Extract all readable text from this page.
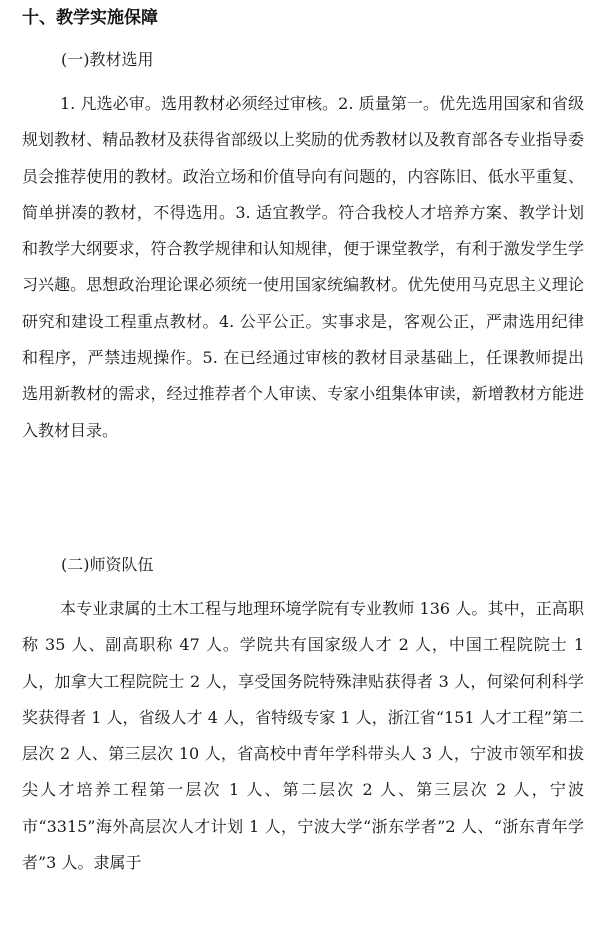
十、教学实施保障
(一)教材选用

1. 凡选必审。选用教材必须经过审核。2. 质量第一。优先选用国家和省级规划教材、精品教材及获得省部级以上奖励的优秀教材以及教育部各专业指导委员会推荐使用的教材。政治立场和价值导向有问题的，内容陈旧、低水平重复、简单拼凑的教材，不得选用。3. 适宜教学。符合我校人才培养方案、教学计划和教学大纲要求，符合教学规律和认知规律，便于课堂教学，有利于激发学生学习兴趣。思想政治理论课必须统一使用国家统编教材。优先使用马克思主义理论研究和建设工程重点教材。4. 公平公正。实事求是，客观公正，严肃选用纪律和程序，严禁违规操作。5. 在已经通过审核的教材目录基础上，任课教师提出选用新教材的需求，经过推荐者个人审读、专家小组集体审读，新增教材方能进入教材目录。

(二)师资队伍

本专业隶属的土木工程与地理环境学院有专业教师 136 人。其中，正高职称 35 人、副高职称 47 人。学院共有国家级人才 2 人，中国工程院院士 1 人，加拿大工程院院士 2 人，享受国务院特殊津贴获得者 3 人，何梁何利科学奖获得者 1 人，省级人才 4 人，省特级专家 1 人，浙江省“151 人才工程”第二层次 2 人、第三层次 10 人，省高校中青年学科带头人 3 人，宁波市领军和拔尖人才培养工程第一层次 1 人、第二层次 2 人、第三层次 2 人，宁波市“3315”海外高层次人才计划 1 人，宁波大学“浙东学者”2 人、“浙东青年学者”3 人。隶属于
